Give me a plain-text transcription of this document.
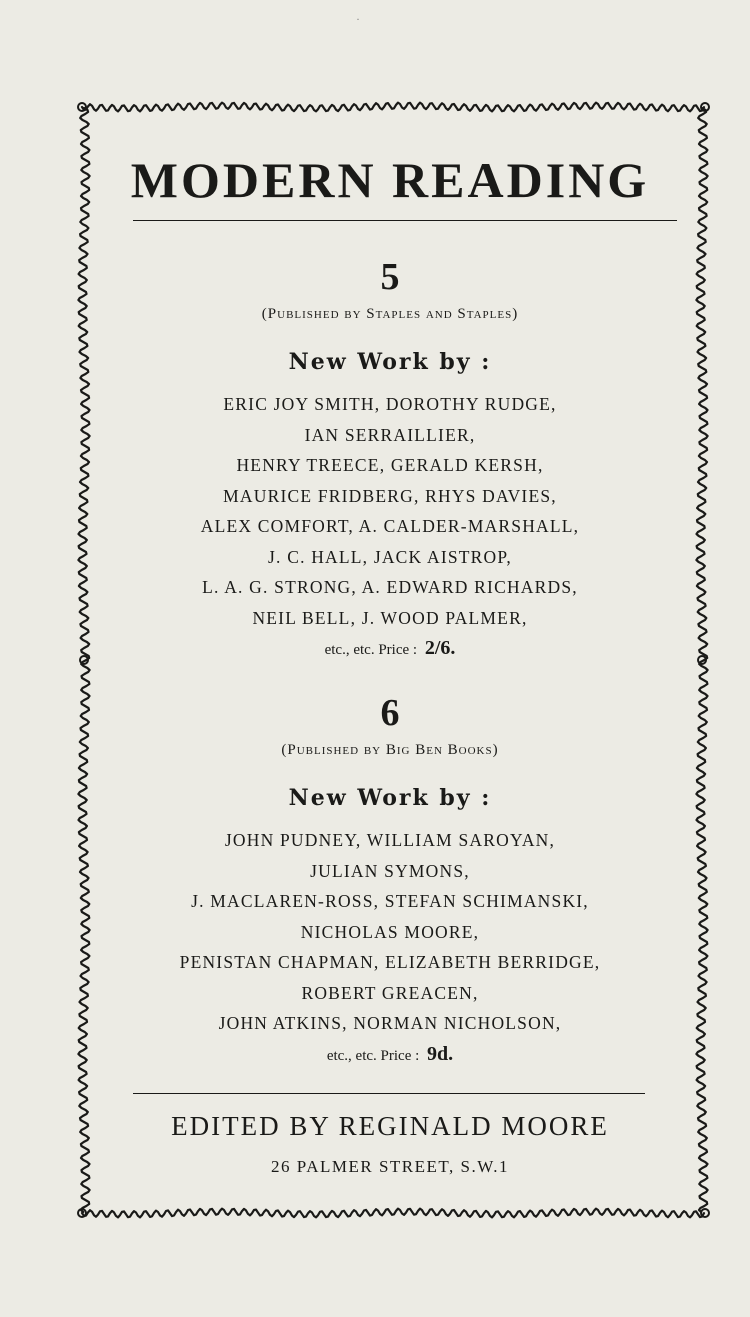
·
MODERN READING
5
(Published by Staples and Staples)
New Work by :
ERIC JOY SMITH, DOROTHY RUDGE,
IAN SERRAILLIER,
HENRY TREECE, GERALD KERSH,
MAURICE FRIDBERG, RHYS DAVIES,
ALEX COMFORT, A. CALDER-MARSHALL,
J. C. HALL, JACK AISTROP,
L. A. G. STRONG, A. EDWARD RICHARDS,
NEIL BELL, J. WOOD PALMER,
etc., etc. Price : 2/6.
6
(Published by Big Ben Books)
New Work by :
JOHN PUDNEY, WILLIAM SAROYAN,
JULIAN SYMONS,
J. MACLAREN-ROSS, STEFAN SCHIMANSKI,
NICHOLAS MOORE,
PENISTAN CHAPMAN, ELIZABETH BERRIDGE,
ROBERT GREACEN,
JOHN ATKINS, NORMAN NICHOLSON,
etc., etc. Price : 9d.
EDITED BY REGINALD MOORE
26 PALMER STREET, S.W.1
